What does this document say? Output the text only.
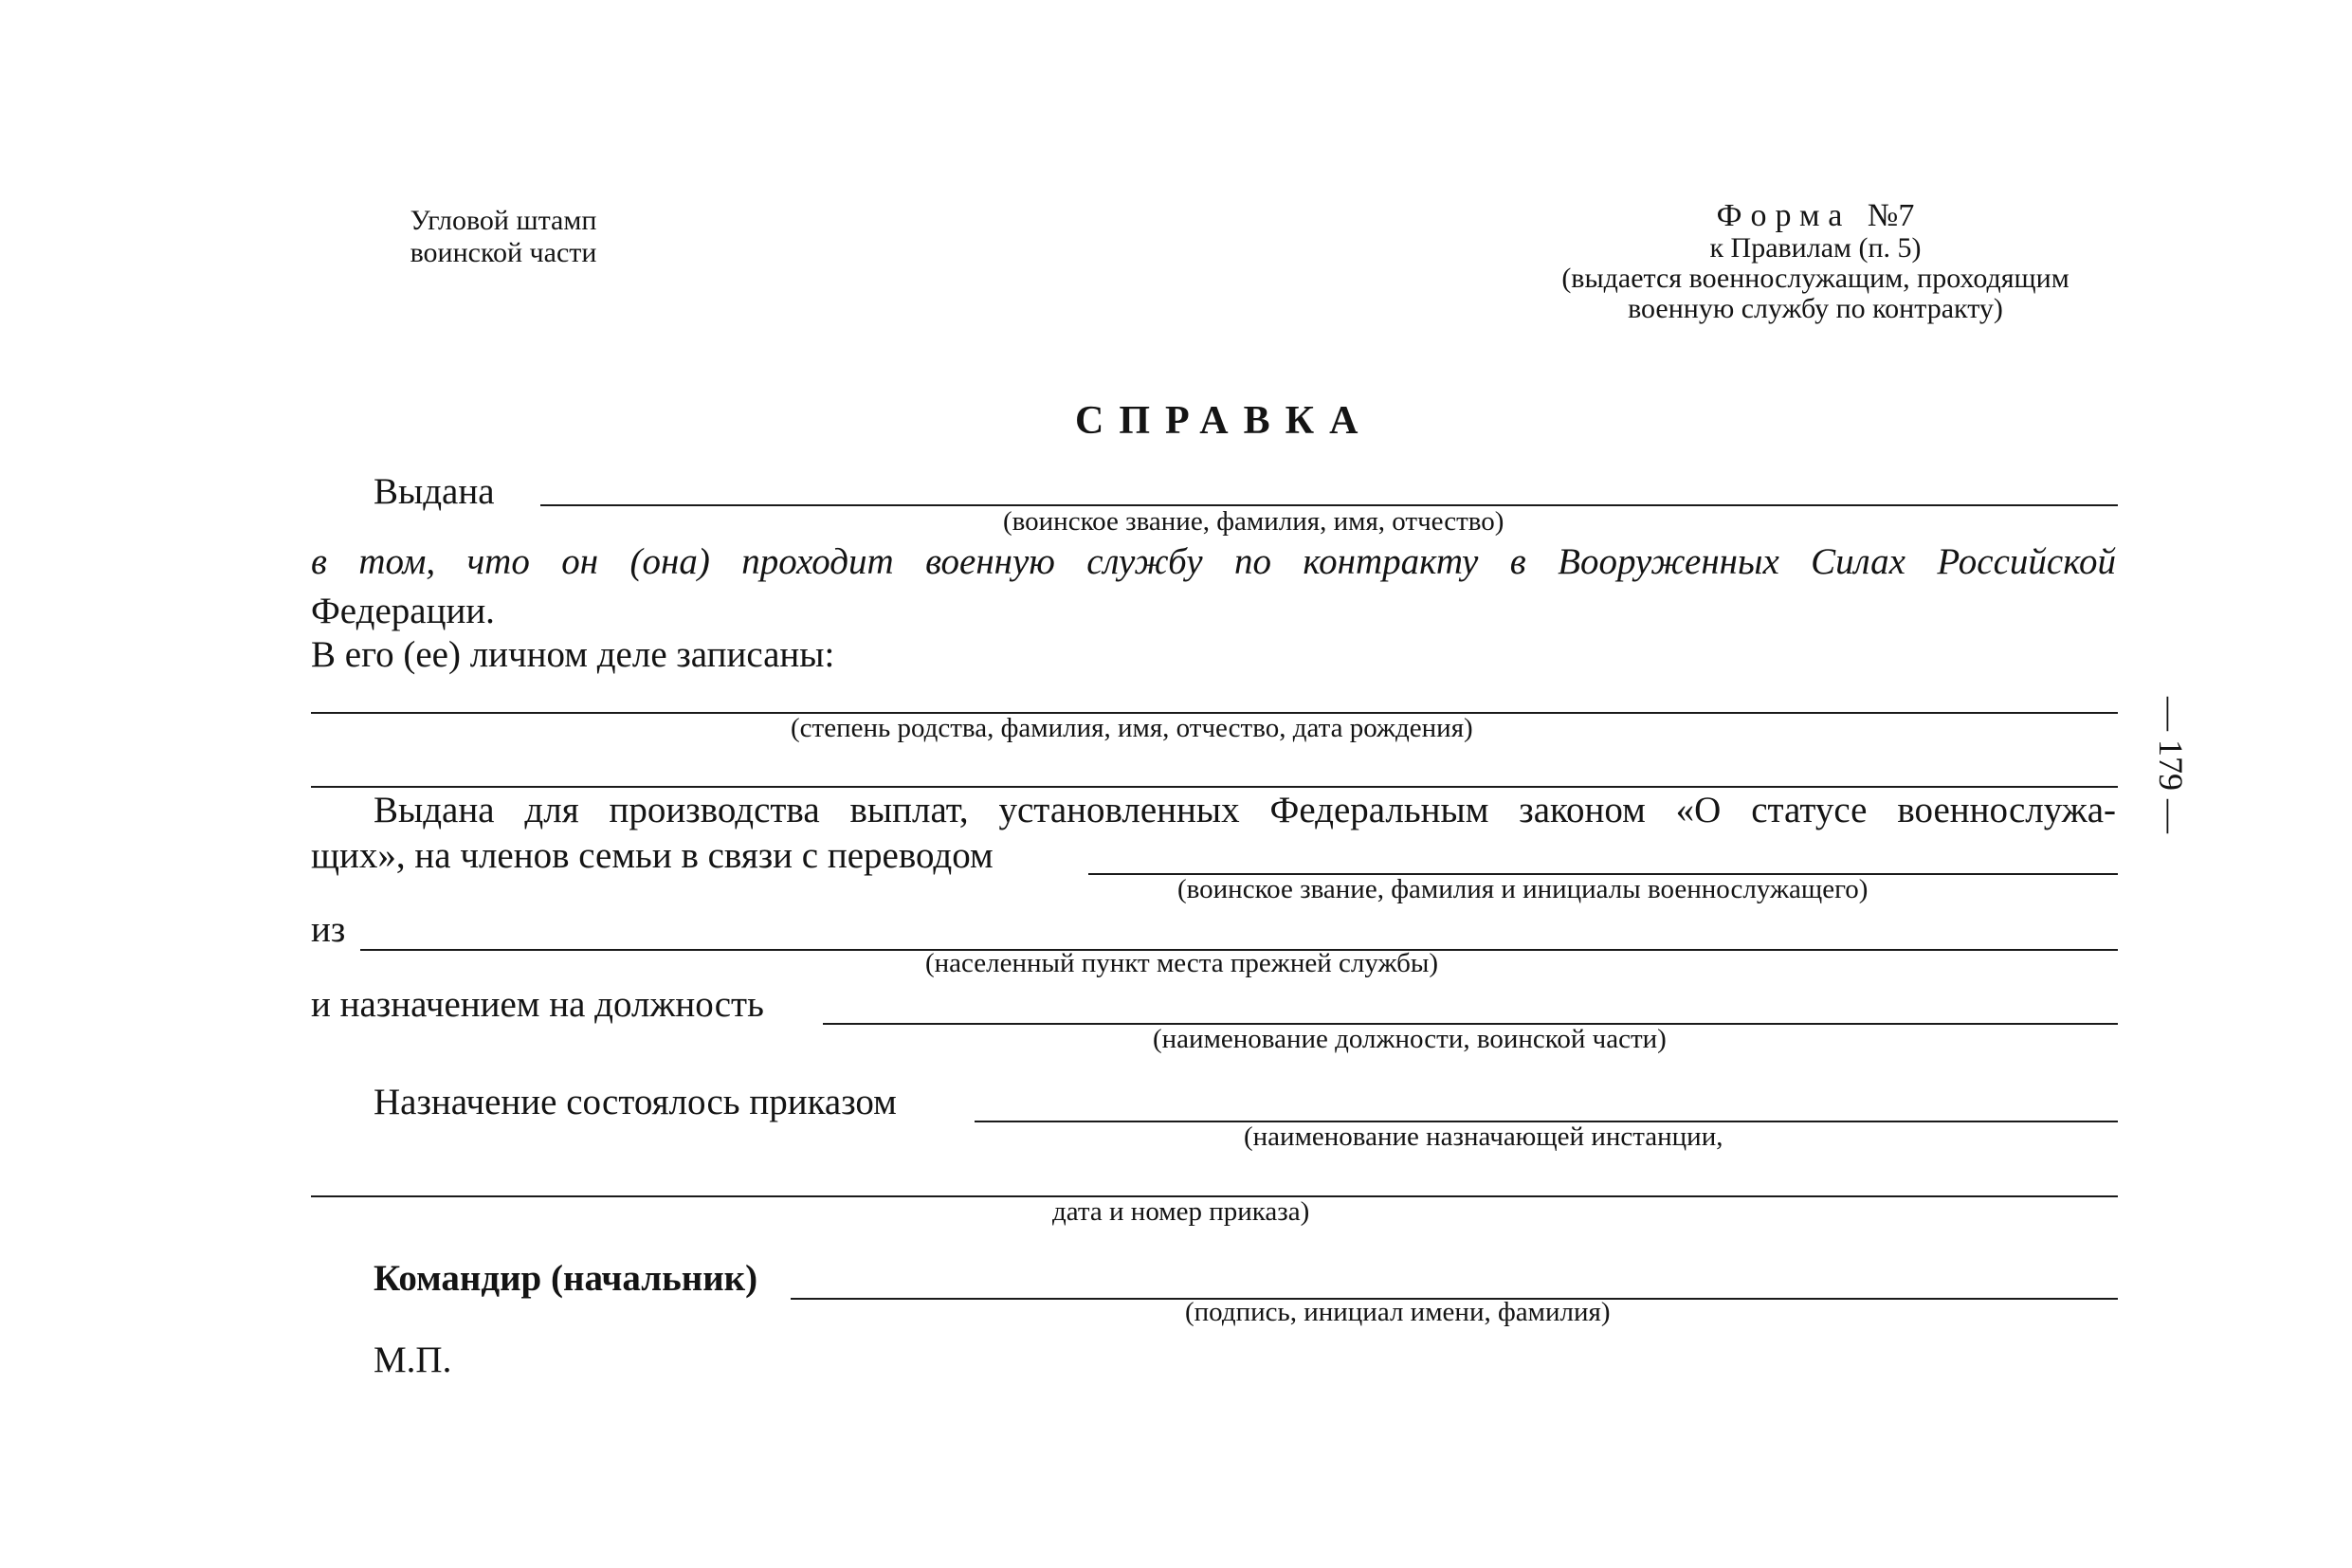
Угловой штамп
воинской части
Форма №7
к Правилам (п. 5)
(выдается военнослужащим, проходящим
военную службу по контракту)
СПРАВКА
Выдана
(воинское звание, фамилия, имя, отчество)
в том, что он (она) проходит военную службу по контракту в Вооруженных Силах Российской
Федерации.
В его (ее) личном деле записаны:
(степень родства, фамилия, имя, отчество, дата рождения)
Выдана для производства выплат, установленных Федеральным законом «О статусе военнослужа-
щих», на членов семьи в связи с переводом
(воинское звание, фамилия и инициалы военнослужащего)
из
(населенный пункт места прежней службы)
и назначением на должность
(наименование должности, воинской части)
Назначение состоялось приказом
(наименование назначающей инстанции,
дата и номер приказа)
Командир (начальник)
(подпись, инициал имени, фамилия)
М.П.
— 179 —
